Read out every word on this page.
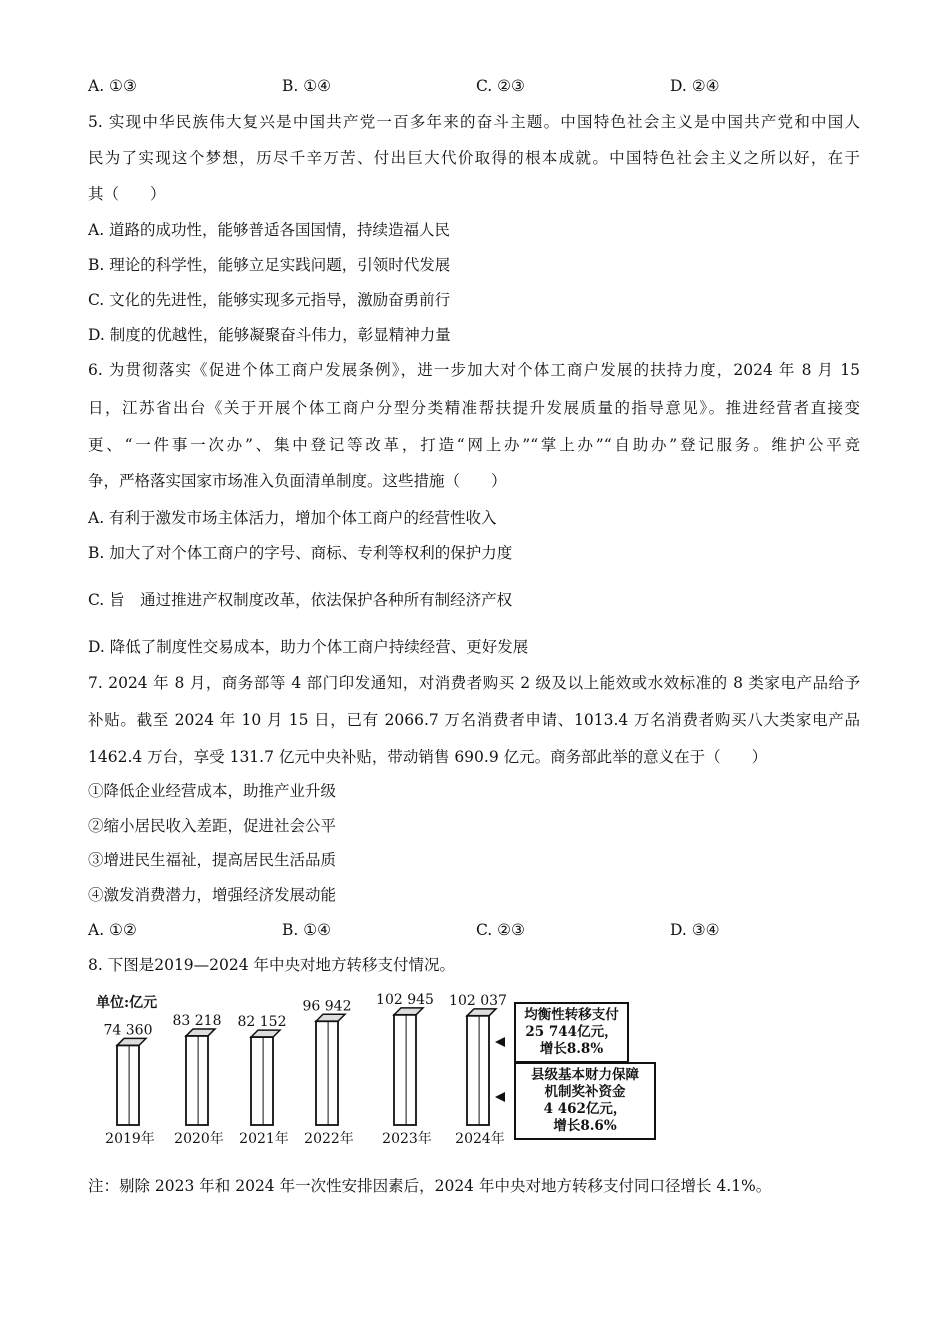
A. ①③	B. ①④	C. ②③	D. ②④
5. 实现中华民族伟大复兴是中国共产党一百多年来的奋斗主题。中国特色社会主义是中国共产党和中国人
民为了实现这个梦想，历尽千辛万苦、付出巨大代价取得的根本成就。中国特色社会主义之所以好，在于
其（　　）
A. 道路的成功性，能够普适各国国情，持续造福人民
B. 理论的科学性，能够立足实践问题，引领时代发展
C. 文化的先进性，能够实现多元指导，激励奋勇前行
D. 制度的优越性，能够凝聚奋斗伟力，彰显精神力量
6. 为贯彻落实《促进个体工商户发展条例》，进一步加大对个体工商户发展的扶持力度，2024 年 8 月 15
日，江苏省出台《关于开展个体工商户分型分类精准帮扶提升发展质量的指导意见》。推进经营者直接变
更、“一件事一次办”、集中登记等改革，打造“网上办”“掌上办”“自助办”登记服务。维护公平竞
争，严格落实国家市场准入负面清单制度。这些措施（　　）
A. 有利于激发市场主体活力，增加个体工商户的经营性收入
B. 加大了对个体工商户的字号、商标、专利等权利的保护力度
C. 旨　通过推进产权制度改革，依法保护各种所有制经济产权
D. 降低了制度性交易成本，助力个体工商户持续经营、更好发展
7. 2024 年 8 月，商务部等 4 部门印发通知，对消费者购买 2 级及以上能效或水效标准的 8 类家电产品给予
补贴。截至 2024 年 10 月 15 日，已有 2066.7 万名消费者申请、1013.4 万名消费者购买八大类家电产品
1462.4 万台，享受 131.7 亿元中央补贴，带动销售 690.9 亿元。商务部此举的意义在于（　　）
①降低企业经营成本，助推产业升级
②缩小居民收入差距，促进社会公平
③增进民生福祉，提高居民生活品质
④激发消费潜力，增强经济发展动能
A. ①②	B. ①④	C. ②③	D. ③④
8. 下图是2019—2024 年中央对地方转移支付情况。
单位:亿元
74 360
2019年
83 218
2020年
82 152
2021年
96 942
2022年
102 945
2023年
102 037
2024年
均衡性转移支付
25 744亿元，
增长8.8%
县级基本财力保障
机制奖补资金
4 462亿元，
增长8.6%
注：剔除 2023 年和 2024 年一次性安排因素后，2024 年中央对地方转移支付同口径增长 4.1%。
